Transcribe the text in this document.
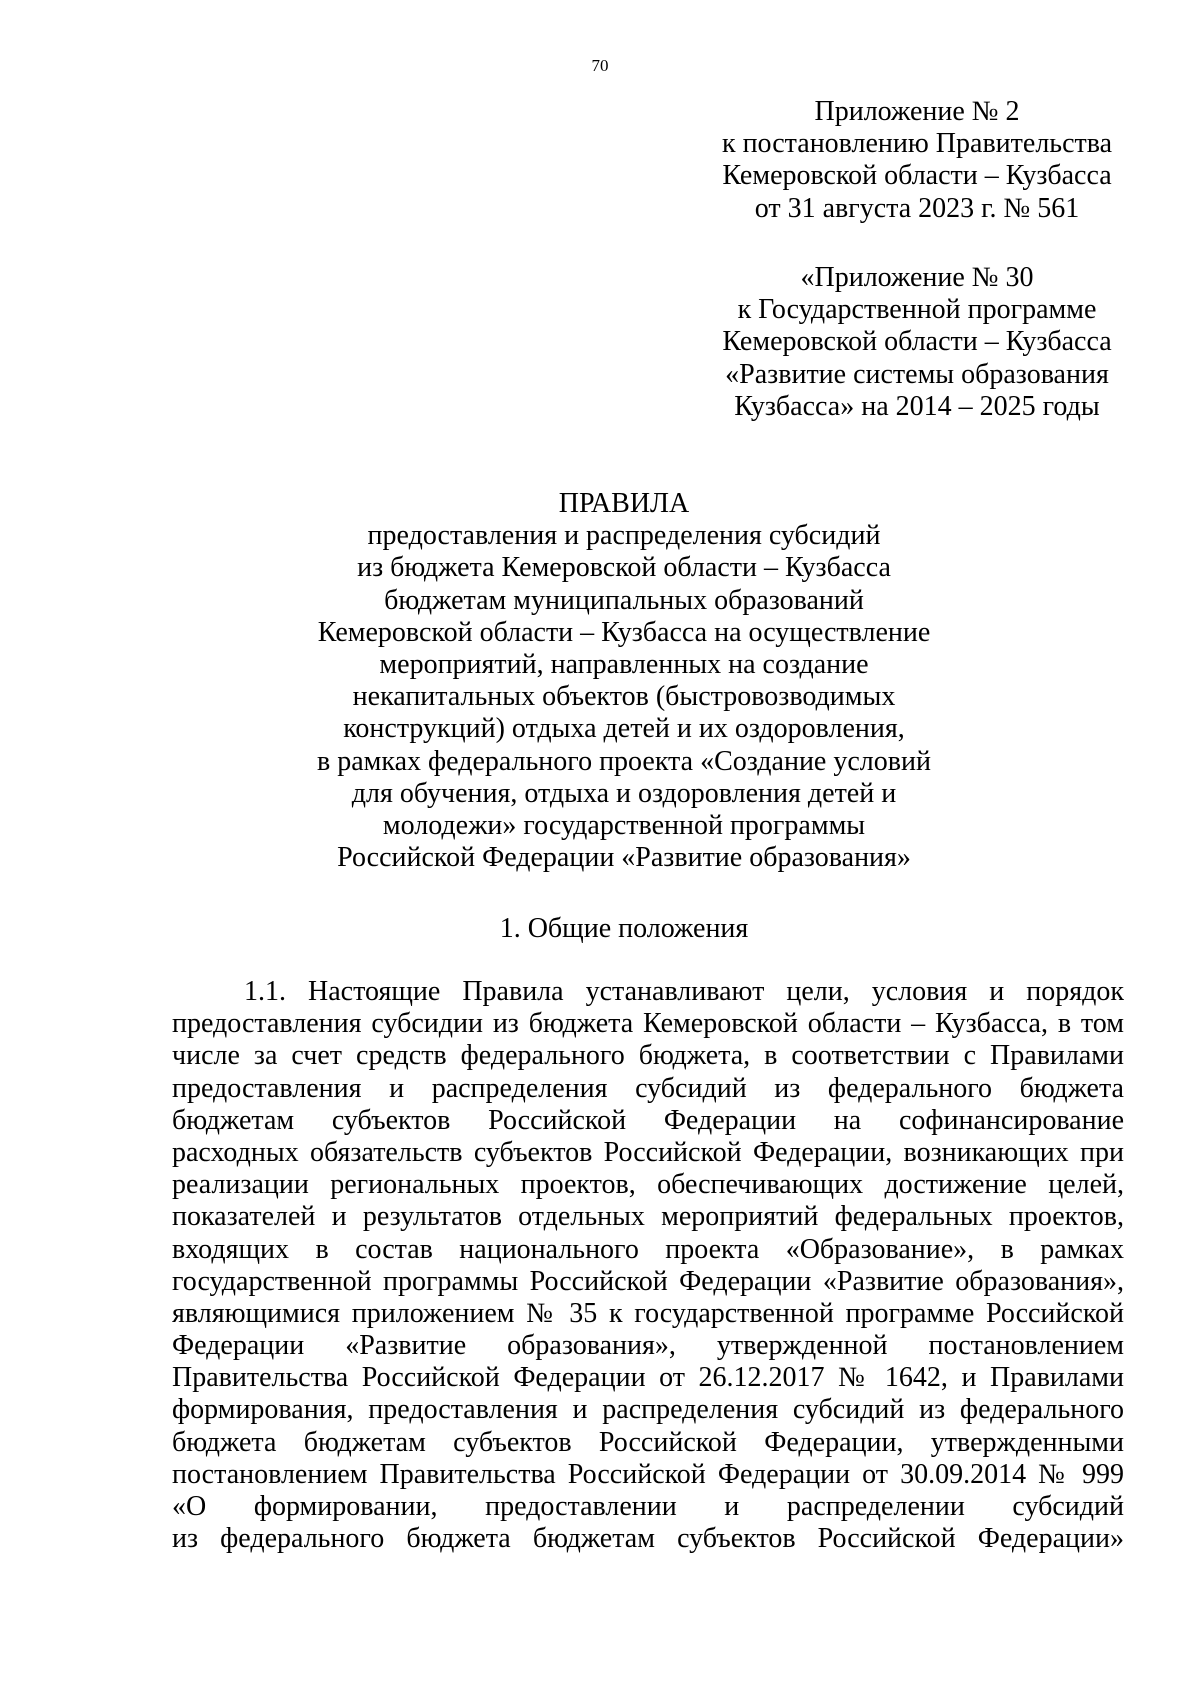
70
Приложение № 2
к постановлению Правительства
Кемеровской области – Кузбасса
от 31 августа 2023 г. № 561
«Приложение № 30
к Государственной программе
Кемеровской области – Кузбасса
«Развитие системы образования
Кузбасса» на 2014 – 2025 годы
ПРАВИЛА
предоставления и распределения субсидий
из бюджета Кемеровской области – Кузбасса
бюджетам муниципальных образований
Кемеровской области – Кузбасса на осуществление
мероприятий, направленных на создание
некапитальных объектов (быстровозводимых
конструкций) отдыха детей и их оздоровления,
в рамках федерального проекта «Создание условий
для обучения, отдыха и оздоровления детей и
молодежи» государственной программы
Российской Федерации «Развитие образования»
1. Общие положения
1.1. Настоящие Правила устанавливают цели, условия и порядок
предоставления субсидии из бюджета Кемеровской области – Кузбасса, в том
числе за счет средств федерального бюджета, в соответствии с Правилами
предоставления и распределения субсидий из федерального бюджета
бюджетам субъектов Российской Федерации на софинансирование
расходных обязательств субъектов Российской Федерации, возникающих при
реализации региональных проектов, обеспечивающих достижение целей,
показателей и результатов отдельных мероприятий федеральных проектов,
входящих в состав национального проекта «Образование», в рамках
государственной программы Российской Федерации «Развитие образования»,
являющимися приложением № 35 к государственной программе Российской
Федерации «Развитие образования», утвержденной постановлением
Правительства Российской Федерации от 26.12.2017 № 1642, и Правилами
формирования, предоставления и распределения субсидий из федерального
бюджета бюджетам субъектов Российской Федерации, утвержденными
постановлением Правительства Российской Федерации от 30.09.2014 № 999
«О формировании, предоставлении и распределении субсидий
из федерального бюджета бюджетам субъектов Российской Федерации»
